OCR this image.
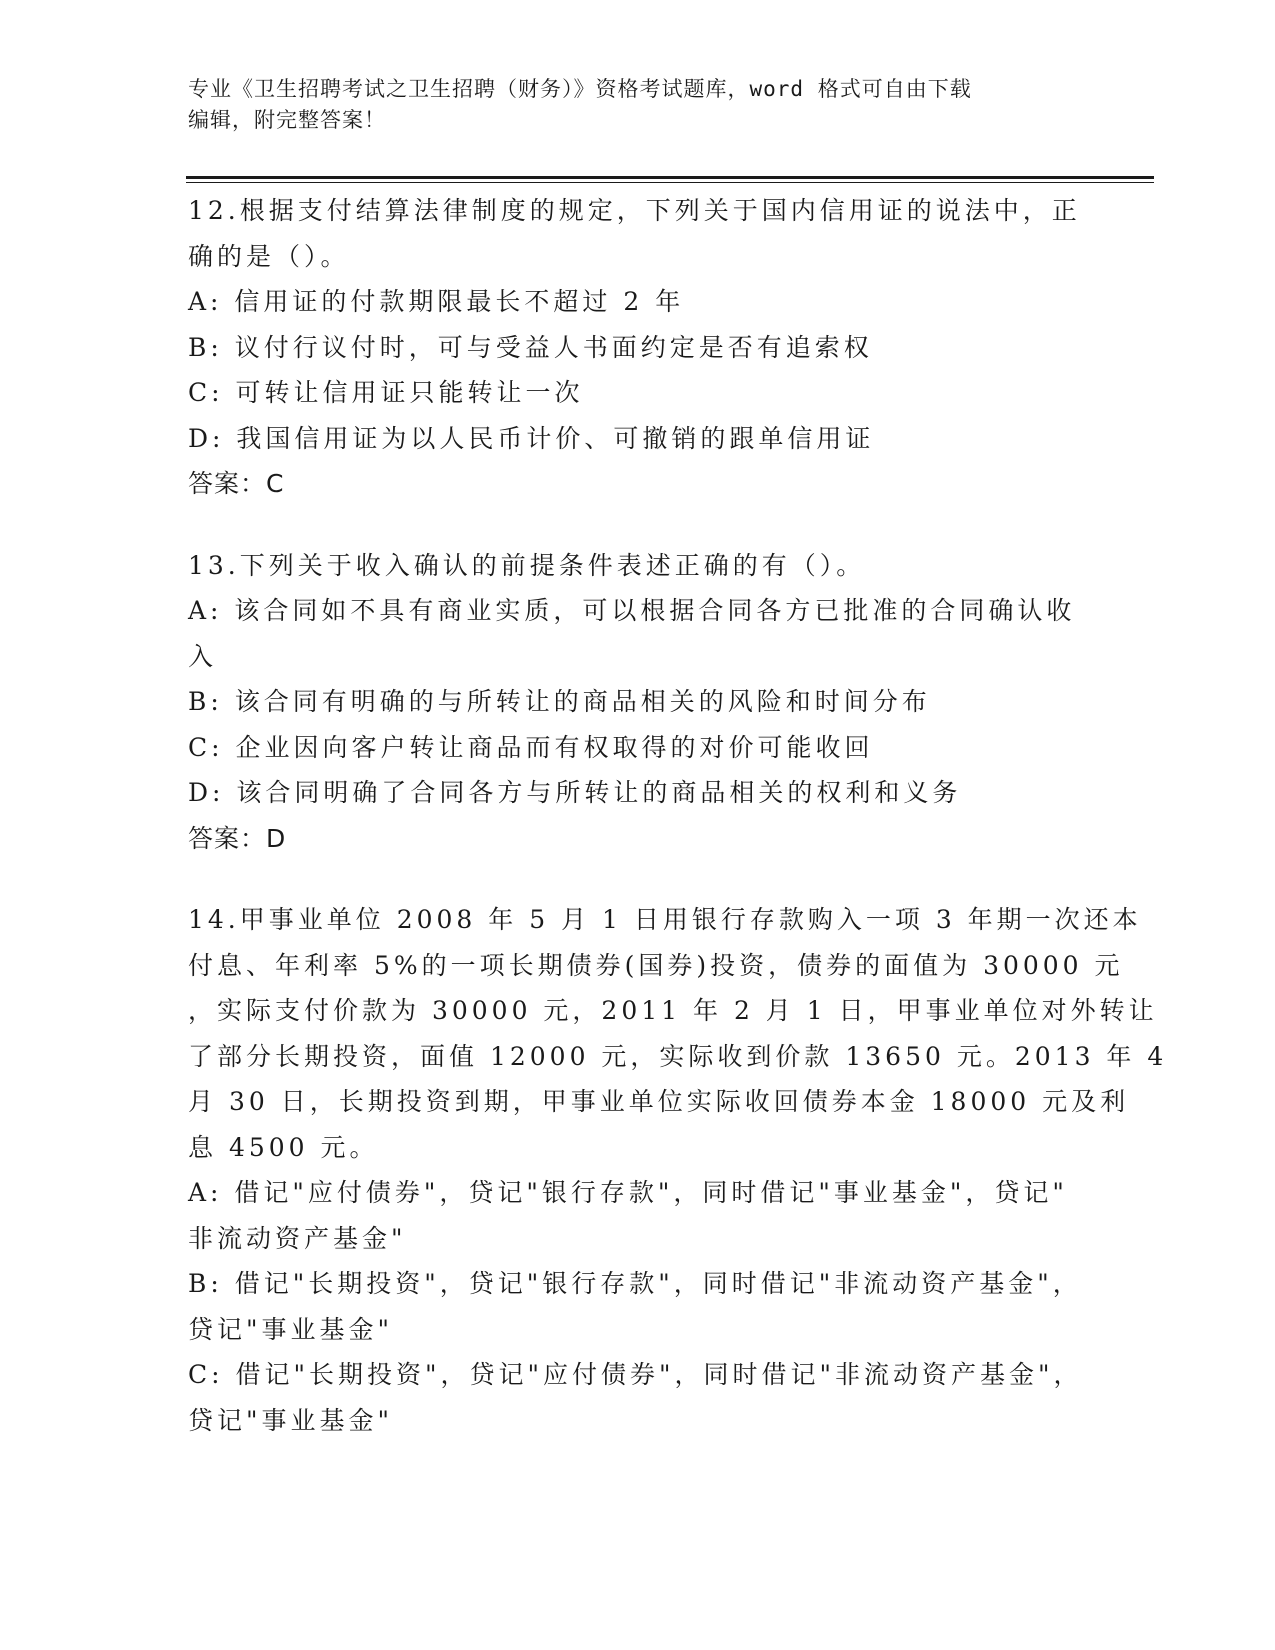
专业《卫生招聘考试之卫生招聘（财务）》资格考试题库，word 格式可自由下载
编辑，附完整答案！
12.根据支付结算法律制度的规定，下列关于国内信用证的说法中，正
确的是（）。
A: 信用证的付款期限最长不超过 2 年
B: 议付行议付时，可与受益人书面约定是否有追索权
C: 可转让信用证只能转让一次
D: 我国信用证为以人民币计价、可撤销的跟单信用证
答案：C
13.下列关于收入确认的前提条件表述正确的有（）。
A: 该合同如不具有商业实质，可以根据合同各方已批准的合同确认收
入
B: 该合同有明确的与所转让的商品相关的风险和时间分布
C: 企业因向客户转让商品而有权取得的对价可能收回
D: 该合同明确了合同各方与所转让的商品相关的权利和义务
答案：D
14.甲事业单位 2008 年 5 月 1 日用银行存款购入一项 3 年期一次还本
付息、年利率 5%的一项长期债券(国券)投资，债券的面值为 30000 元
，实际支付价款为 30000 元，2011 年 2 月 1 日，甲事业单位对外转让
了部分长期投资，面值 12000 元，实际收到价款 13650 元。2013 年 4
月 30 日，长期投资到期，甲事业单位实际收回债券本金 18000 元及利
息 4500 元。
A: 借记"应付债券"，贷记"银行存款"，同时借记"事业基金"，贷记"
非流动资产基金"
B: 借记"长期投资"，贷记"银行存款"，同时借记"非流动资产基金"，
贷记"事业基金"
C: 借记"长期投资"，贷记"应付债券"，同时借记"非流动资产基金"，
贷记"事业基金"
